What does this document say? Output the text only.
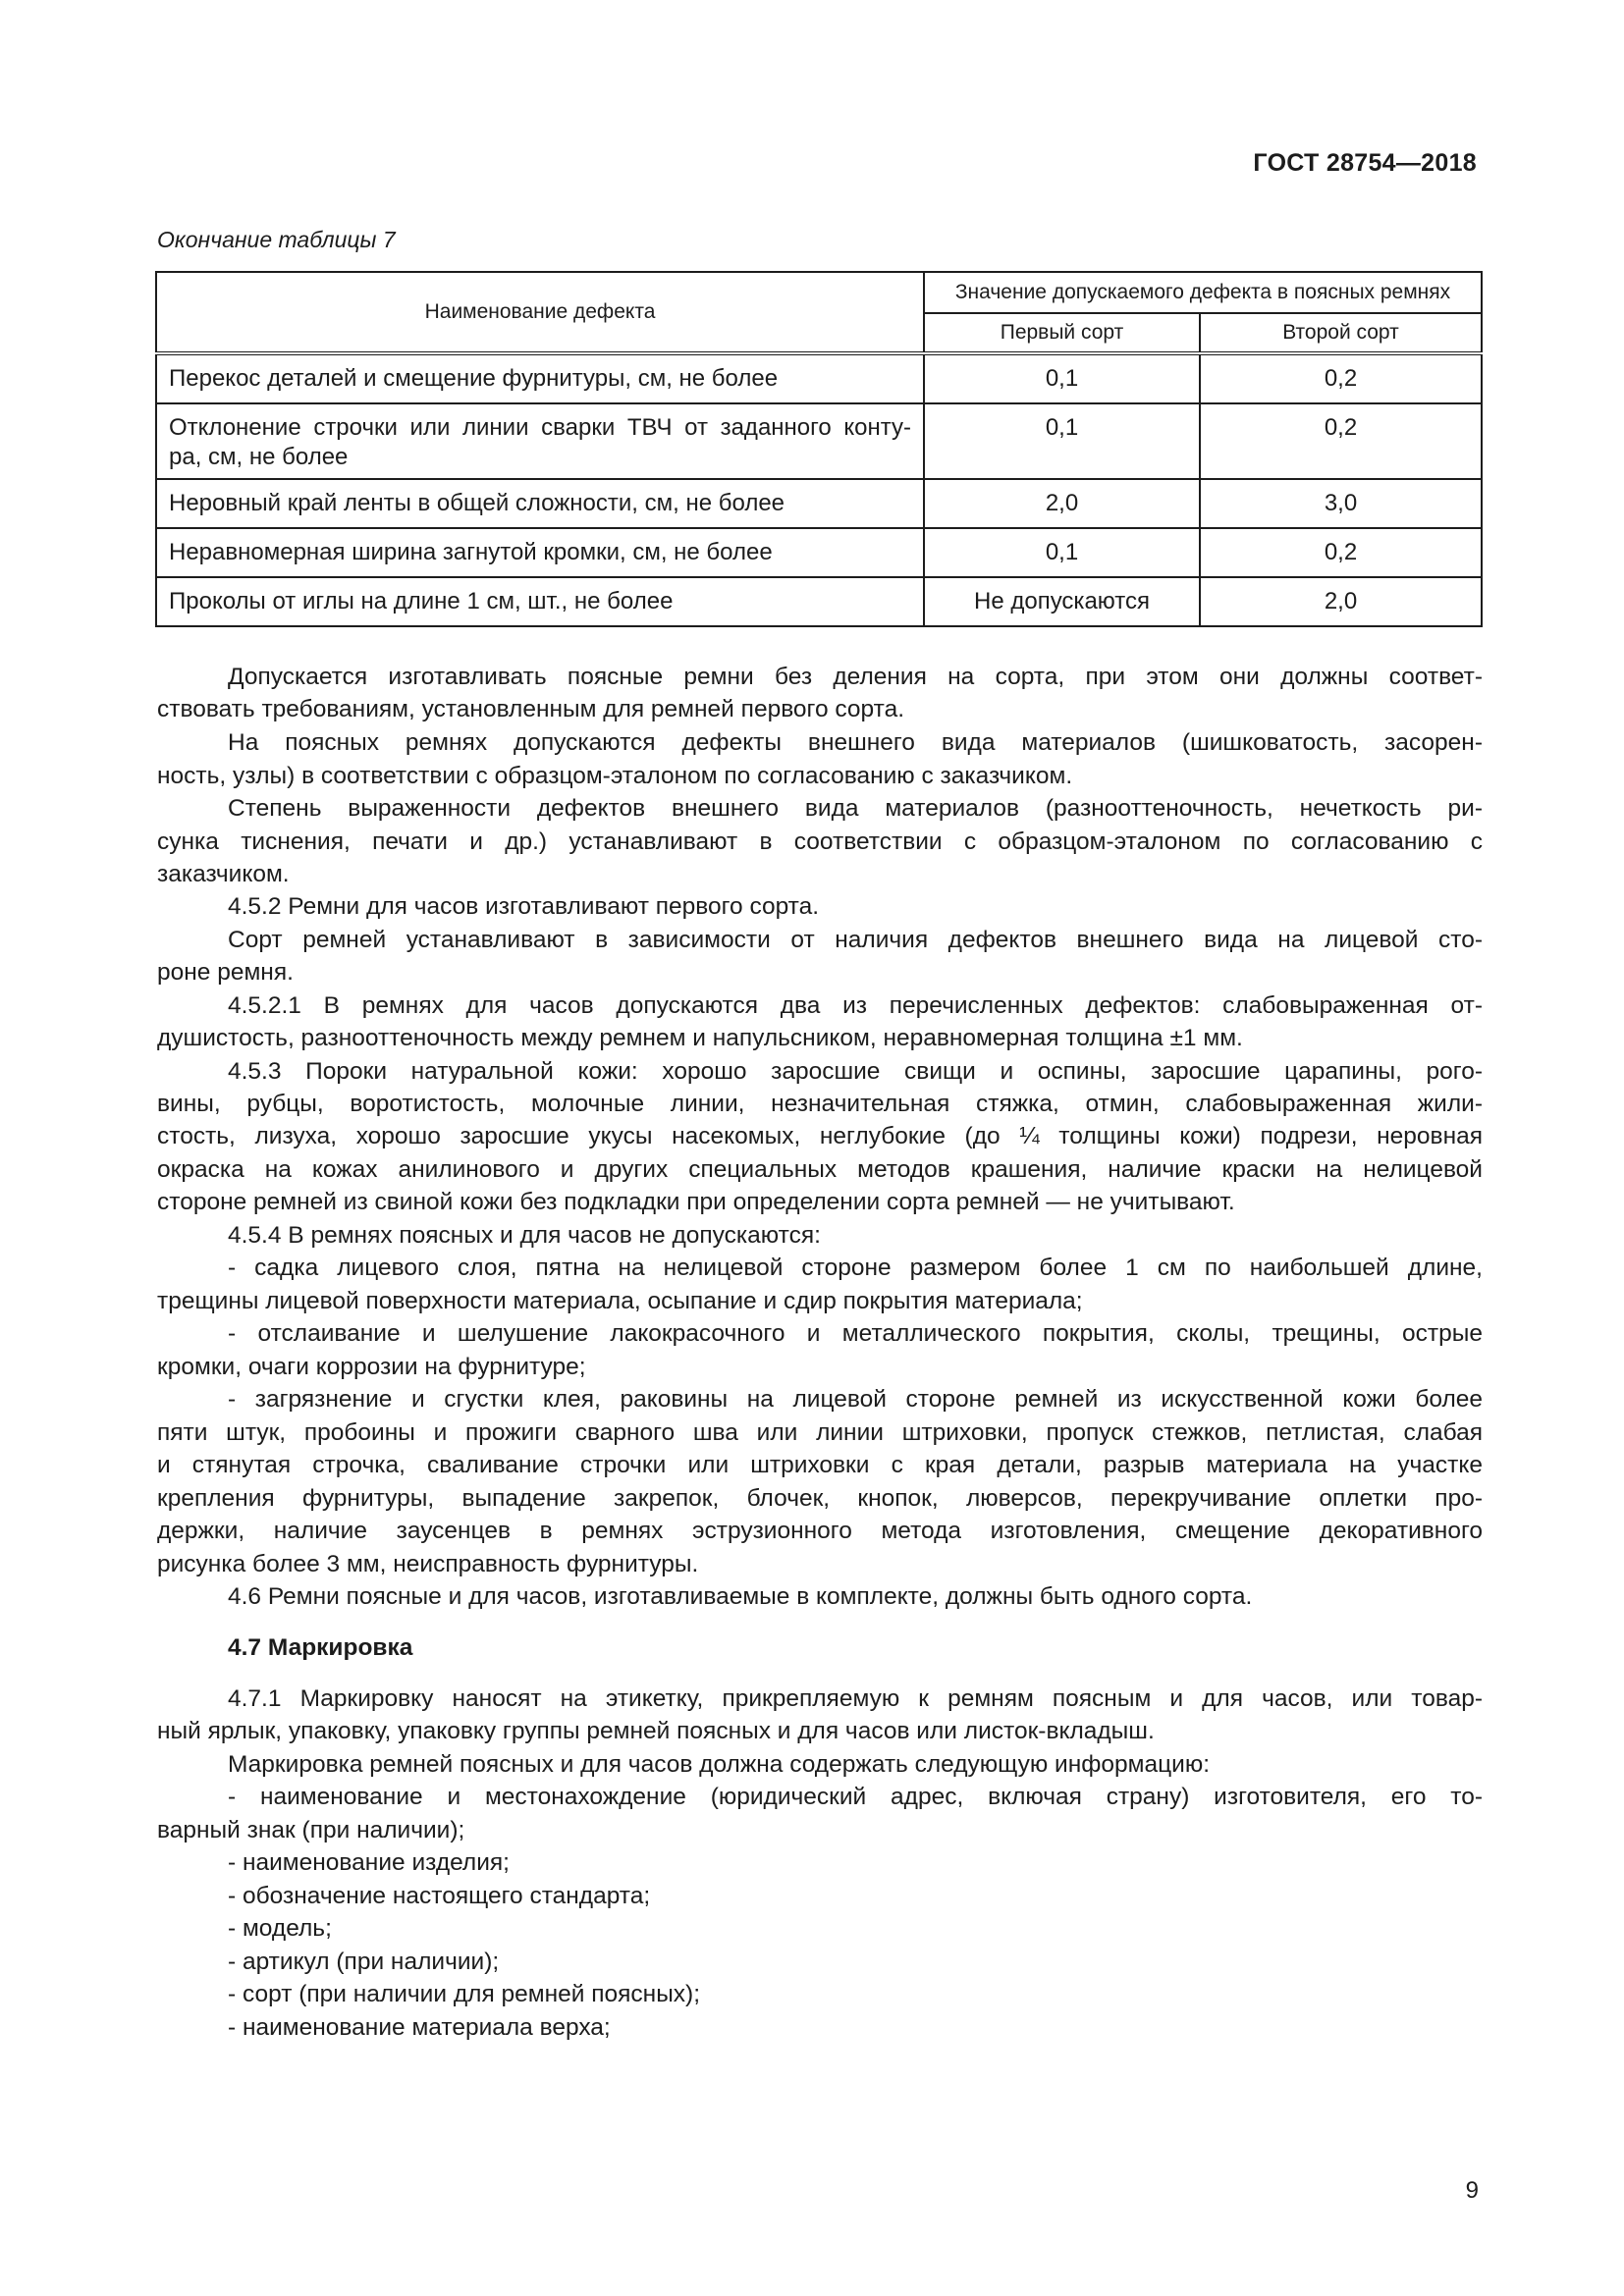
ГОСТ 28754—2018
Окончание таблицы 7
Наименование дефекта	Значение допускаемого дефекта в поясных ремнях	
	Первый сорт	Второй сорт
Перекос деталей и смещение фурнитуры, см, не более	0,1	0,2

Отклонение строчки или линии сварки ТВЧ от заданного конту-
ра, см, не более	0,1	0,2
Неровный край ленты в общей сложности, см, не более	2,0	3,0
Неравномерная ширина загнутой кромки, см, не более	0,1	0,2
Проколы от иглы на длине 1 см, шт., не более	Не допускаются	2,0
Допускается изготавливать поясные ремни без деления на сорта, при этом они должны соответ-
ствовать требованиям, установленным для ремней первого сорта.
На поясных ремнях допускаются дефекты внешнего вида материалов (шишковатость, засорен-
ность, узлы) в соответствии с образцом-эталоном по согласованию с заказчиком.
Степень выраженности дефектов внешнего вида материалов (разнооттеночность, нечеткость ри-
сунка тиснения, печати и др.) устанавливают в соответствии с образцом-эталоном по согласованию с
заказчиком.
4.5.2 Ремни для часов изготавливают первого сорта.
Сорт ремней устанавливают в зависимости от наличия дефектов внешнего вида на лицевой сто-
роне ремня.
4.5.2.1 В ремнях для часов допускаются два из перечисленных дефектов: слабовыраженная от-
душистость, разнооттеночность между ремнем и напульсником, неравномерная толщина ±1 мм.
4.5.3 Пороки натуральной кожи: хорошо заросшие свищи и оспины, заросшие царапины, рого-
вины, рубцы, воротистость, молочные линии, незначительная стяжка, отмин, слабовыраженная жили-
стость, лизуха, хорошо заросшие укусы насекомых, неглубокие (до ¼ толщины кожи) подрези, неровная
окраска на кожах анилинового и других специальных методов крашения, наличие краски на нелицевой
стороне ремней из свиной кожи без подкладки при определении сорта ремней — не учитывают.
4.5.4 В ремнях поясных и для часов не допускаются:
- садка лицевого слоя, пятна на нелицевой стороне размером более 1 см по наибольшей длине,
трещины лицевой поверхности материала, осыпание и сдир покрытия материала;
- отслаивание и шелушение лакокрасочного и металлического покрытия, сколы, трещины, острые
кромки, очаги коррозии на фурнитуре;
- загрязнение и сгустки клея, раковины на лицевой стороне ремней из искусственной кожи более
пяти штук, пробоины и прожиги сварного шва или линии штриховки, пропуск стежков, петлистая, слабая
и стянутая строчка, сваливание строчки или штриховки с края детали, разрыв материала на участке
крепления фурнитуры, выпадение закрепок, блочек, кнопок, люверсов, перекручивание оплетки про-
держки, наличие заусенцев в ремнях эструзионного метода изготовления, смещение декоративного
рисунка более 3 мм, неисправность фурнитуры.
4.6 Ремни поясные и для часов, изготавливаемые в комплекте, должны быть одного сорта.
4.7 Маркировка
4.7.1 Маркировку наносят на этикетку, прикрепляемую к ремням поясным и для часов, или товар-
ный ярлык, упаковку, упаковку группы ремней поясных и для часов или листок-вкладыш.
Маркировка ремней поясных и для часов должна содержать следующую информацию:
- наименование и местонахождение (юридический адрес, включая страну) изготовителя, его то-
варный знак (при наличии);
- наименование изделия;
- обозначение настоящего стандарта;
- модель;
- артикул (при наличии);
- сорт (при наличии для ремней поясных);
- наименование материала верха;
9
